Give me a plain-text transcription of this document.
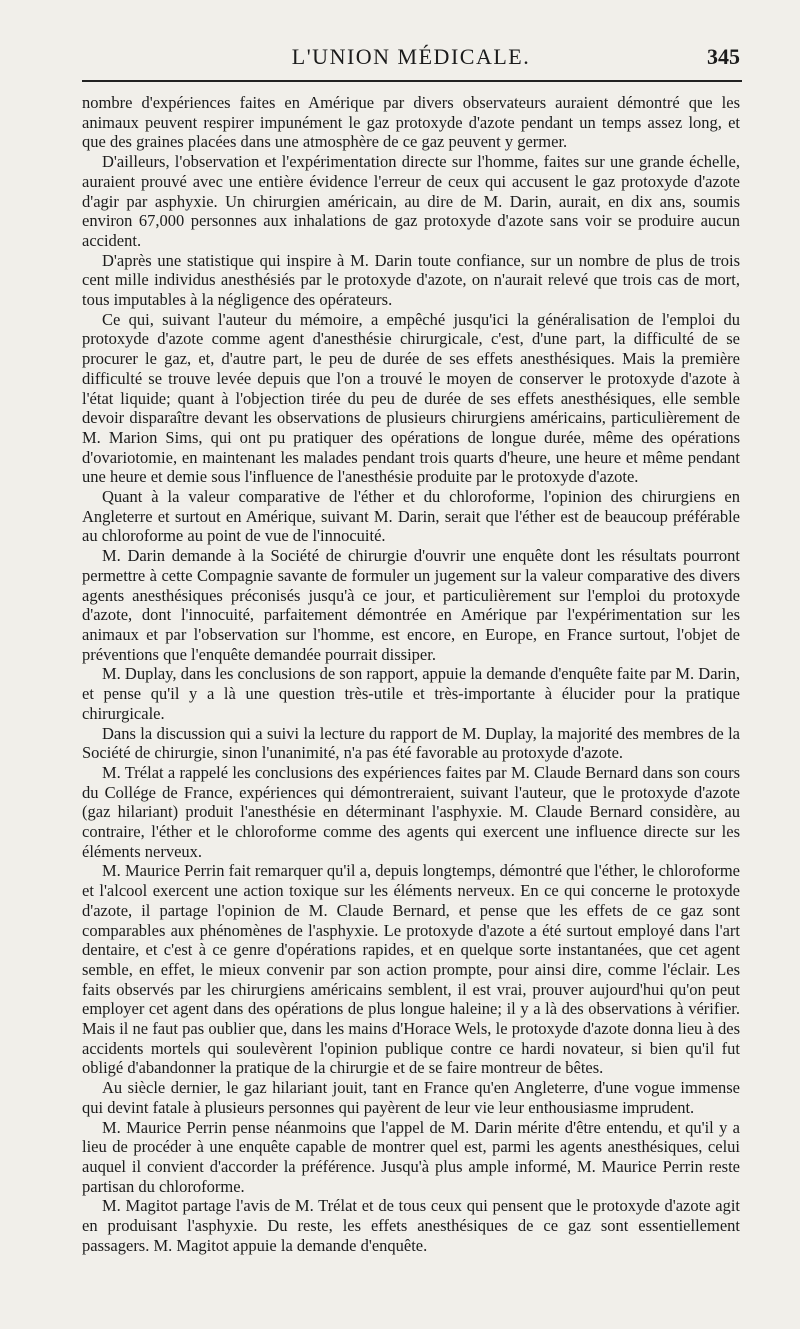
L'UNION MÉDICALE.	345

nombre d'expériences faites en Amérique par divers observateurs auraient démontré que les animaux peuvent respirer impunément le gaz protoxyde d'azote pendant un temps assez long, et que des graines placées dans une atmosphère de ce gaz peuvent y germer.

D'ailleurs, l'observation et l'expérimentation directe sur l'homme, faites sur une grande échelle, auraient prouvé avec une entière évidence l'erreur de ceux qui accusent le gaz protoxyde d'azote d'agir par asphyxie. Un chirurgien américain, au dire de M. Darin, aurait, en dix ans, soumis environ 67,000 personnes aux inhalations de gaz protoxyde d'azote sans voir se produire aucun accident.

D'après une statistique qui inspire à M. Darin toute confiance, sur un nombre de plus de trois cent mille individus anesthésiés par le protoxyde d'azote, on n'aurait relevé que trois cas de mort, tous imputables à la négligence des opérateurs.

Ce qui, suivant l'auteur du mémoire, a empêché jusqu'ici la généralisation de l'emploi du protoxyde d'azote comme agent d'anesthésie chirurgicale, c'est, d'une part, la difficulté de se procurer le gaz, et, d'autre part, le peu de durée de ses effets anesthésiques. Mais la première difficulté se trouve levée depuis que l'on a trouvé le moyen de conserver le protoxyde d'azote à l'état liquide; quant à l'objection tirée du peu de durée de ses effets anesthésiques, elle semble devoir disparaître devant les observations de plusieurs chirurgiens américains, particulièrement de M. Marion Sims, qui ont pu pratiquer des opérations de longue durée, même des opérations d'ovariotomie, en maintenant les malades pendant trois quarts d'heure, une heure et même pendant une heure et demie sous l'influence de l'anesthésie produite par le protoxyde d'azote.

Quant à la valeur comparative de l'éther et du chloroforme, l'opinion des chirurgiens en Angleterre et surtout en Amérique, suivant M. Darin, serait que l'éther est de beaucoup préférable au chloroforme au point de vue de l'innocuité.

M. Darin demande à la Société de chirurgie d'ouvrir une enquête dont les résultats pourront permettre à cette Compagnie savante de formuler un jugement sur la valeur comparative des divers agents anesthésiques préconisés jusqu'à ce jour, et particulièrement sur l'emploi du protoxyde d'azote, dont l'innocuité, parfaitement démontrée en Amérique par l'expérimentation sur les animaux et par l'observation sur l'homme, est encore, en Europe, en France surtout, l'objet de préventions que l'enquête demandée pourrait dissiper.

M. Duplay, dans les conclusions de son rapport, appuie la demande d'enquête faite par M. Darin, et pense qu'il y a là une question très-utile et très-importante à élucider pour la pratique chirurgicale.

Dans la discussion qui a suivi la lecture du rapport de M. Duplay, la majorité des membres de la Société de chirurgie, sinon l'unanimité, n'a pas été favorable au protoxyde d'azote.

M. Trélat a rappelé les conclusions des expériences faites par M. Claude Bernard dans son cours du Collége de France, expériences qui démontreraient, suivant l'auteur, que le protoxyde d'azote (gaz hilariant) produit l'anesthésie en déterminant l'asphyxie. M. Claude Bernard considère, au contraire, l'éther et le chloroforme comme des agents qui exercent une influence directe sur les éléments nerveux.

M. Maurice Perrin fait remarquer qu'il a, depuis longtemps, démontré que l'éther, le chloroforme et l'alcool exercent une action toxique sur les éléments nerveux. En ce qui concerne le protoxyde d'azote, il partage l'opinion de M. Claude Bernard, et pense que les effets de ce gaz sont comparables aux phénomènes de l'asphyxie. Le protoxyde d'azote a été surtout employé dans l'art dentaire, et c'est à ce genre d'opérations rapides, et en quelque sorte instantanées, que cet agent semble, en effet, le mieux convenir par son action prompte, pour ainsi dire, comme l'éclair. Les faits observés par les chirurgiens américains semblent, il est vrai, prouver aujourd'hui qu'on peut employer cet agent dans des opérations de plus longue haleine; il y a là des observations à vérifier. Mais il ne faut pas oublier que, dans les mains d'Horace Wels, le protoxyde d'azote donna lieu à des accidents mortels qui soulevèrent l'opinion publique contre ce hardi novateur, si bien qu'il fut obligé d'abandonner la pratique de la chirurgie et de se faire montreur de bêtes.

Au siècle dernier, le gaz hilariant jouit, tant en France qu'en Angleterre, d'une vogue immense qui devint fatale à plusieurs personnes qui payèrent de leur vie leur enthousiasme imprudent.

M. Maurice Perrin pense néanmoins que l'appel de M. Darin mérite d'être entendu, et qu'il y a lieu de procéder à une enquête capable de montrer quel est, parmi les agents anesthésiques, celui auquel il convient d'accorder la préférence. Jusqu'à plus ample informé, M. Maurice Perrin reste partisan du chloroforme.

M. Magitot partage l'avis de M. Trélat et de tous ceux qui pensent que le protoxyde d'azote agit en produisant l'asphyxie. Du reste, les effets anesthésiques de ce gaz sont essentiellement passagers. M. Magitot appuie la demande d'enquête.
